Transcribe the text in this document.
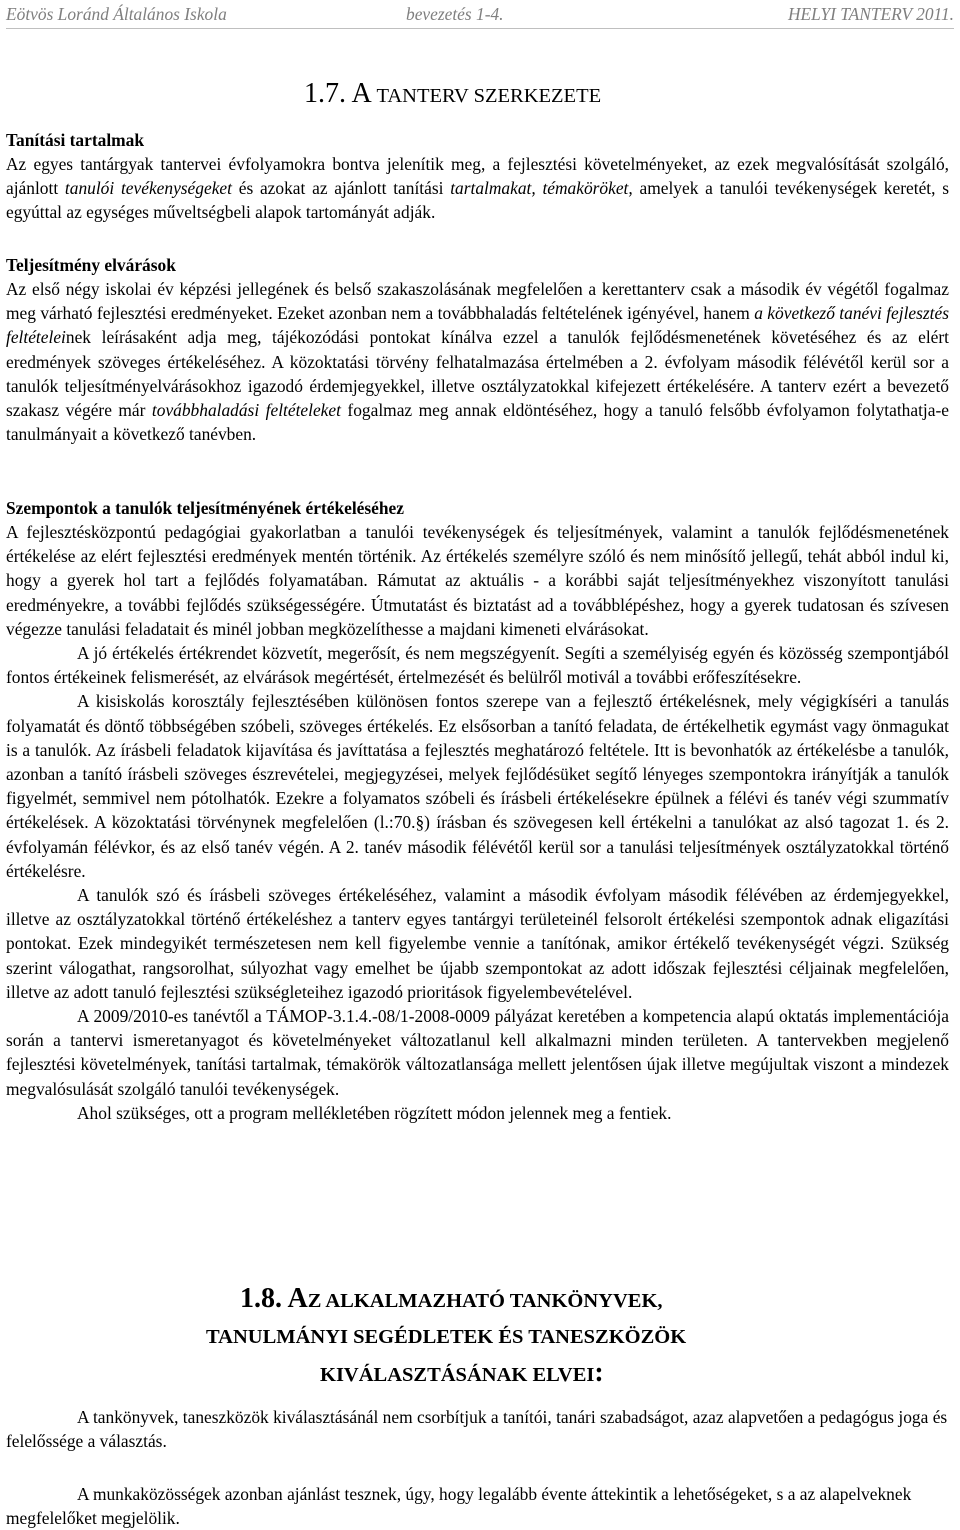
Eötvös Loránd Általános Iskola	bevezetés 1-4.	HELYI TANTERV 2011.
1.7. A TANTERV SZERKEZETE
Tanítási tartalmak
Az egyes tantárgyak tantervei évfolyamokra bontva jelenítik meg, a fejlesztési követelményeket, az ezek megvalósítását szolgáló, ajánlott tanulói tevékenységeket és azokat az ajánlott tanítási tartalmakat, témaköröket, amelyek a tanulói tevékenységek keretét, s egyúttal az egységes műveltségbeli alapok tartományát adják.
Teljesítmény elvárások
Az első négy iskolai év képzési jellegének és belső szakaszolásának megfelelően a kerettanterv csak a második év végétől fogalmaz meg várható fejlesztési eredményeket. Ezeket azonban nem a továbbhaladás feltételének igényével, hanem a következő tanévi fejlesztés feltételeinek leírásaként adja meg, tájékozódási pontokat kínálva ezzel a tanulók fejlődésmenetének követéséhez és az elért eredmények szöveges értékeléséhez. A közoktatási törvény felhatalmazása értelmében a 2. évfolyam második félévétől kerül sor a tanulók teljesítményelvárásokhoz igazodó érdemjegyekkel, illetve osztályzatokkal kifejezett értékelésére. A tanterv ezért a bevezető szakasz végére már továbbhaladási feltételeket fogalmaz meg annak eldöntéséhez, hogy a tanuló felsőbb évfolyamon folytathatja-e tanulmányait a következő tanévben.
Szempontok a tanulók teljesítményének értékeléséhez
A fejlesztésközpontú pedagógiai gyakorlatban a tanulói tevékenységek és teljesítmények, valamint a tanulók fejlődésmenetének értékelése az elért fejlesztési eredmények mentén történik. Az értékelés személyre szóló és nem minősítő jellegű, tehát abból indul ki, hogy a gyerek hol tart a fejlődés folyamatában. Rámutat az aktuális - a korábbi saját teljesítményekhez viszonyított tanulási eredményekre, a további fejlődés szükségességére. Útmutatást és biztatást ad a továbblépéshez, hogy a gyerek tudatosan és szívesen végezze tanulási feladatait és minél jobban megközelíthesse a majdani kimeneti elvárásokat.
A jó értékelés értékrendet közvetít, megerősít, és nem megszégyenít. Segíti a személyiség egyén és közösség szempontjából fontos értékeinek felismerését, az elvárások megértését, értelmezését és belülről motivál a további erőfeszítésekre.
A kisiskolás korosztály fejlesztésében különösen fontos szerepe van a fejlesztő értékelésnek, mely végigkíséri a tanulás folyamatát és döntő többségében szóbeli, szöveges értékelés. Ez elsősorban a tanító feladata, de értékelhetik egymást vagy önmagukat is a tanulók. Az írásbeli feladatok kijavítása és javíttatása a fejlesztés meghatározó feltétele. Itt is bevonhatók az értékelésbe a tanulók, azonban a tanító írásbeli szöveges észrevételei, megjegyzései, melyek fejlődésüket segítő lényeges szempontokra irányítják a tanulók figyelmét, semmivel nem pótolhatók. Ezekre a folyamatos szóbeli és írásbeli értékelésekre épülnek a félévi és tanév végi szummatív értékelések. A közoktatási törvénynek megfelelően (l.:70.§) írásban és szövegesen kell értékelni a tanulókat az alsó tagozat 1. és 2. évfolyamán félévkor, és az első tanév végén. A 2. tanév második félévétől kerül sor a tanulási teljesítmények osztályzatokkal történő értékelésre.
A tanulók szó és írásbeli szöveges értékeléséhez, valamint a második évfolyam második félévében az érdemjegyekkel, illetve az osztályzatokkal történő értékeléshez a tanterv egyes tantárgyi területeinél felsorolt értékelési szempontok adnak eligazítási pontokat. Ezek mindegyikét természetesen nem kell figyelembe vennie a tanítónak, amikor értékelő tevékenységét végzi. Szükség szerint válogathat, rangsorolhat, súlyozhat vagy emelhet be újabb szempontokat az adott időszak fejlesztési céljainak megfelelően, illetve az adott tanuló fejlesztési szükségleteihez igazodó prioritások figyelembevételével.
A 2009/2010-es tanévtől a TÁMOP-3.1.4.-08/1-2008-0009 pályázat keretében a kompetencia alapú oktatás implementációja során a tantervi ismeretanyagot és követelményeket változatlanul kell alkalmazni minden területen. A tantervekben megjelenő fejlesztési követelmények, tanítási tartalmak, témakörök változatlansága mellett jelentősen újak illetve megújultak viszont a mindezek megvalósulását szolgáló tanulói tevékenységek.
Ahol szükséges, ott a program mellékletében rögzített módon jelennek meg a fentiek.
1.8. AZ ALKALMAZHATÓ TANKÖNYVEK,
TANULMÁNYI SEGÉDLETEK ÉS TANESZKÖZÖK
KIVÁLASZTÁSÁNAK ELVEI:
A tankönyvek, taneszközök kiválasztásánál nem csorbítjuk a tanítói, tanári szabadságot, azaz alapvetően a pedagógus joga és felelőssége a választás.
A munkaközösségek azonban ajánlást tesznek, úgy, hogy legalább évente áttekintik a lehetőségeket, s a az alapelveknek megfelelőket megjelölik.
